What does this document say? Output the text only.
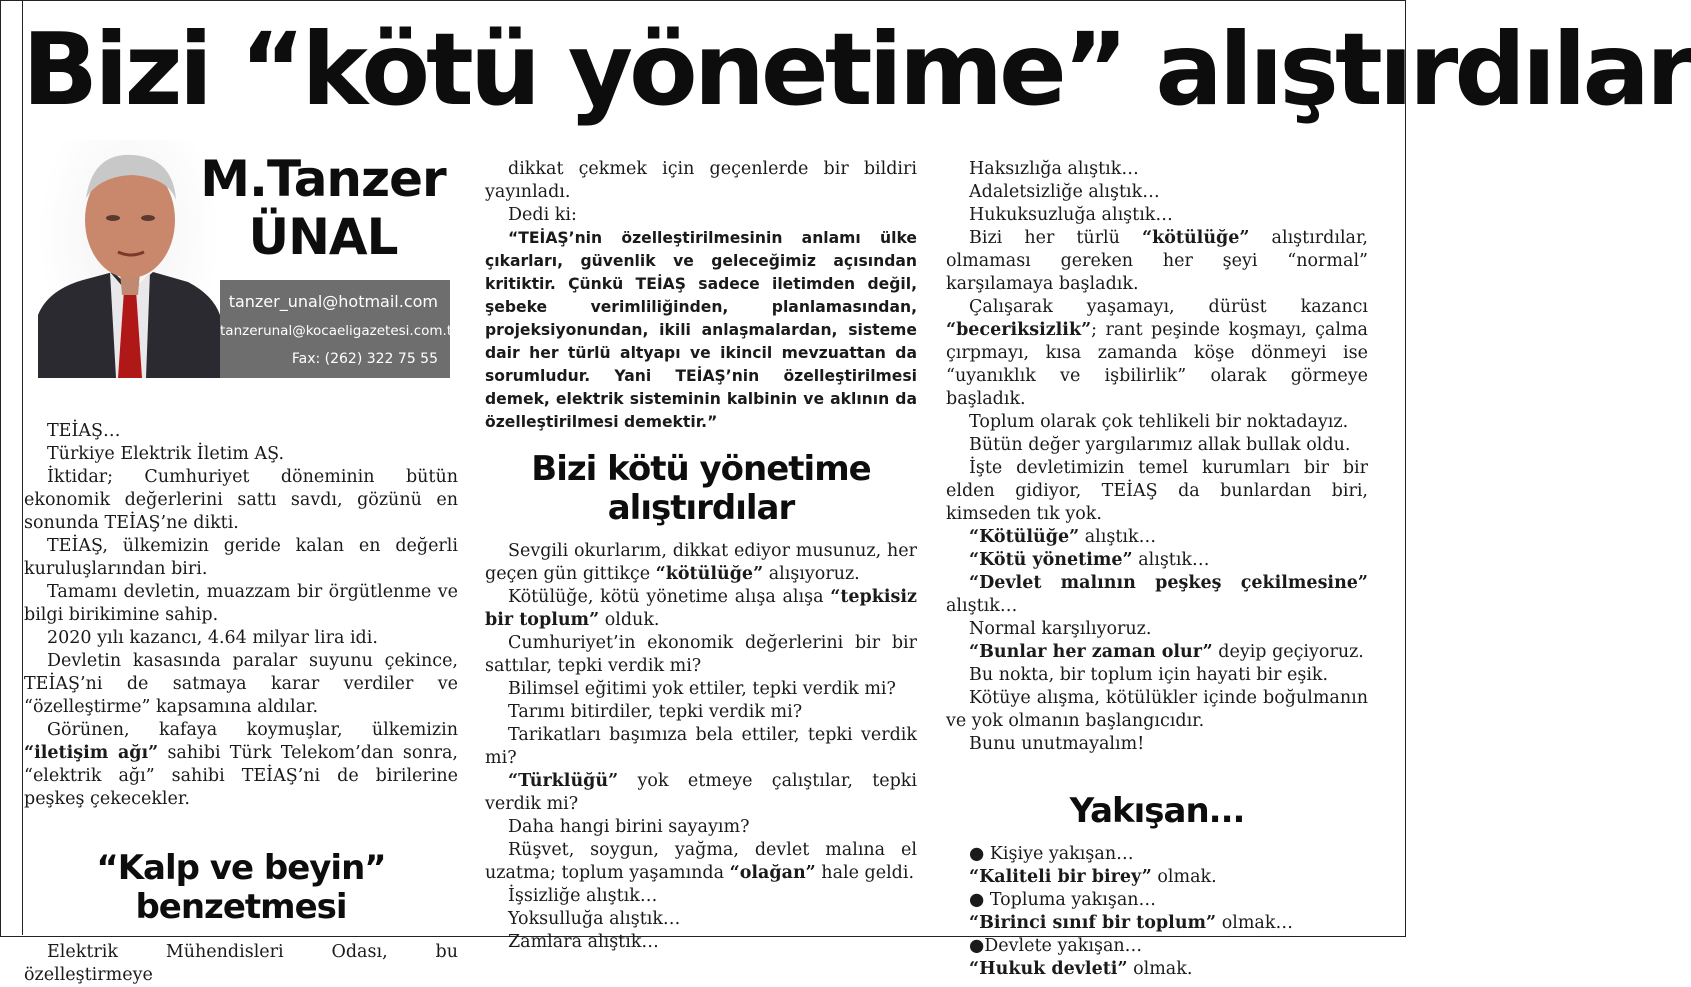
Bizi “kötü yönetime” alıştırdılar
M.Tanzer
ÜNAL
tanzer_unal@hotmail.com
tanzerunal@kocaeligazetesi.com.tr
Fax: (262) 322 75 55

TEİAŞ…

Türkiye Elektrik İletim AŞ.

İktidar; Cumhuriyet döneminin bütün ekonomik değerlerini sattı savdı, gözünü en sonunda TEİAŞ’ne dikti.

TEİAŞ, ülkemizin geride kalan en değerli kuruluşlarından biri.

Tamamı devletin, muazzam bir örgütlenme ve bilgi birikimine sahip.

2020 yılı kazancı, 4.64 milyar lira idi.

Devletin kasasında paralar suyunu çekince, TEİAŞ’ni de satmaya karar verdiler ve “özelleştirme” kapsamına aldılar.

Görünen, kafaya koymuşlar, ülkemizin “iletişim ağı” sahibi Türk Telekom’dan sonra, “elektrik ağı” sahibi TEİAŞ’ni de birilerine peşkeş çekecekler.

“Kalp ve beyin” benzetmesi

Elektrik Mühendisleri Odası, bu özelleştirmeye

dikkat çekmek için geçenlerde bir bildiri yayınladı.

Dedi ki:

“TEİAŞ’nin özelleştirilmesinin anlamı ülke çıkarları, güvenlik ve geleceğimiz açısından kritiktir. Çünkü TEİAŞ sadece iletimden değil, şebeke verimliliğinden, planlamasından, projeksiyonundan, ikili anlaşmalardan, sisteme dair her türlü altyapı ve ikincil mevzuattan da sorumludur. Yani TEİAŞ’nin özelleştirilmesi demek, elektrik sisteminin kalbinin ve aklının da özelleştirilmesi demektir.”

Bizi kötü yönetime alıştırdılar

Sevgili okurlarım, dikkat ediyor musunuz, her geçen gün gittikçe “kötülüğe” alışıyoruz.

Kötülüğe, kötü yönetime alışa alışa “tepkisiz bir toplum” olduk.

Cumhuriyet’in ekonomik değerlerini bir bir sattılar, tepki verdik mi?

Bilimsel eğitimi yok ettiler, tepki verdik mi?

Tarımı bitirdiler, tepki verdik mi?

Tarikatları başımıza bela ettiler, tepki verdik mi?

“Türklüğü” yok etmeye çalıştılar, tepki verdik mi?

Daha hangi birini sayayım?

Rüşvet, soygun, yağma, devlet malına el uzatma; toplum yaşamında “olağan” hale geldi.

İşsizliğe alıştık…

Yoksulluğa alıştık…

Zamlara alıştık…

Haksızlığa alıştık…

Adaletsizliğe alıştık…

Hukuksuzluğa alıştık…

Bizi her türlü “kötülüğe” alıştırdılar, olmaması gereken her şeyi “normal” karşılamaya başladık.

Çalışarak yaşamayı, dürüst kazancı “beceriksizlik”; rant peşinde koşmayı, çalma çırpmayı, kısa zamanda köşe dönmeyi ise “uyanıklık ve işbilirlik” olarak görmeye başladık.

Toplum olarak çok tehlikeli bir noktadayız.

Bütün değer yargılarımız allak bullak oldu.

İşte devletimizin temel kurumları bir bir elden gidiyor, TEİAŞ da bunlardan biri, kimseden tık yok.

“Kötülüğe” alıştık…

“Kötü yönetime” alıştık…

“Devlet malının peşkeş çekilmesine” alıştık…

Normal karşılıyoruz.

“Bunlar her zaman olur” deyip geçiyoruz.

Bu nokta, bir toplum için hayati bir eşik.

Kötüye alışma, kötülükler içinde boğulmanın ve yok olmanın başlangıcıdır.

Bunu unutmayalım!

Yakışan...

● Kişiye yakışan…

“Kaliteli bir birey” olmak.

● Topluma yakışan…

“Birinci sınıf bir toplum” olmak…

●Devlete yakışan…

“Hukuk devleti” olmak.
